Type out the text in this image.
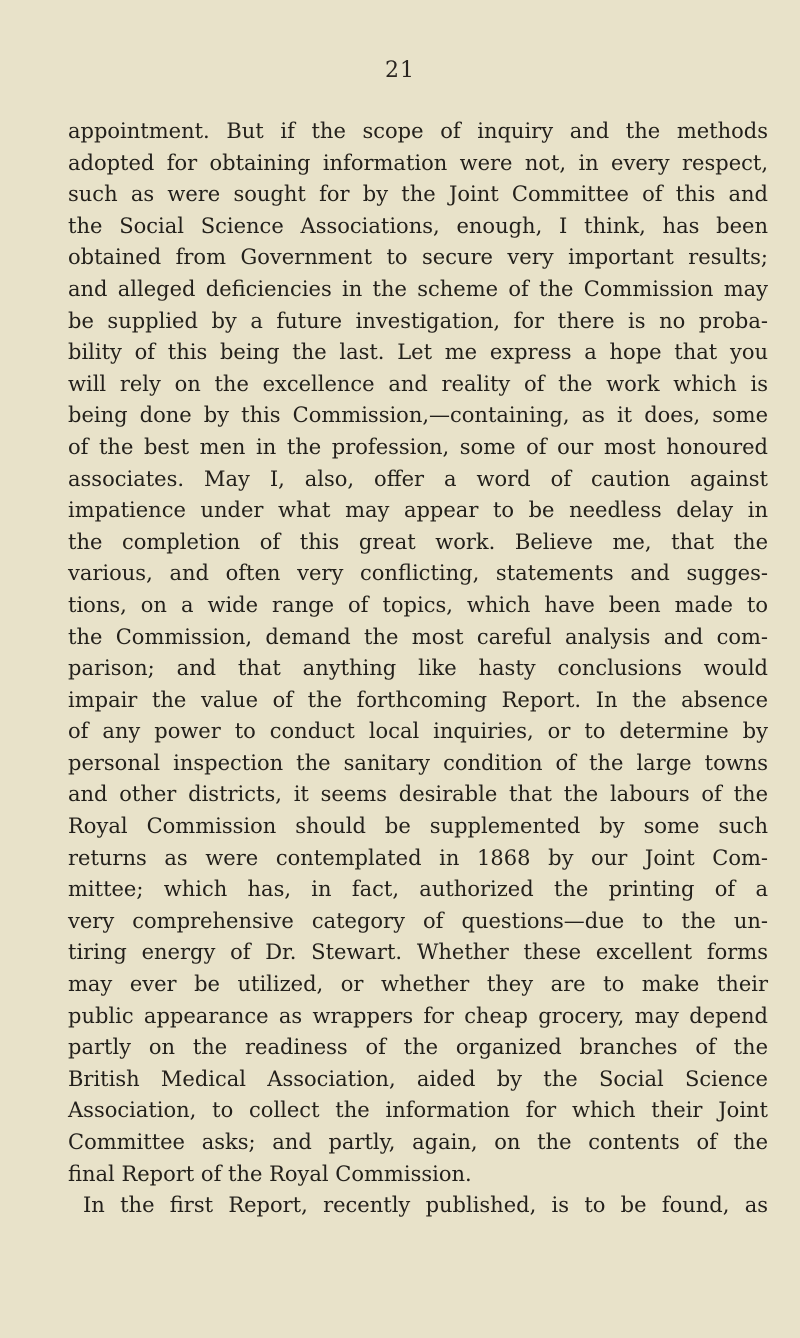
21
appointment. But if the scope of inquiry and the methods
adopted for obtaining information were not, in every respect,
such as were sought for by the Joint Committee of this and
the Social Science Associations, enough, I think, has been
obtained from Government to secure very important results;
and alleged deficiencies in the scheme of the Commission may
be supplied by a future investigation, for there is no proba-
bility of this being the last. Let me express a hope that you
will rely on the excellence and reality of the work which is
being done by this Commission,—containing, as it does, some
of the best men in the profession, some of our most honoured
associates. May I, also, offer a word of caution against
impatience under what may appear to be needless delay in
the completion of this great work. Believe me, that the
various, and often very conflicting, statements and sugges-
tions, on a wide range of topics, which have been made to
the Commission, demand the most careful analysis and com-
parison; and that anything like hasty conclusions would
impair the value of the forthcoming Report. In the absence
of any power to conduct local inquiries, or to determine by
personal inspection the sanitary condition of the large towns
and other districts, it seems desirable that the labours of the
Royal Commission should be supplemented by some such
returns as were contemplated in 1868 by our Joint Com-
mittee; which has, in fact, authorized the printing of a
very comprehensive category of questions—due to the un-
tiring energy of Dr. Stewart. Whether these excellent forms
may ever be utilized, or whether they are to make their
public appearance as wrappers for cheap grocery, may depend
partly on the readiness of the organized branches of the
British Medical Association, aided by the Social Science
Association, to collect the information for which their Joint
Committee asks; and partly, again, on the contents of the
final Report of the Royal Commission.
In the first Report, recently published, is to be found, as
